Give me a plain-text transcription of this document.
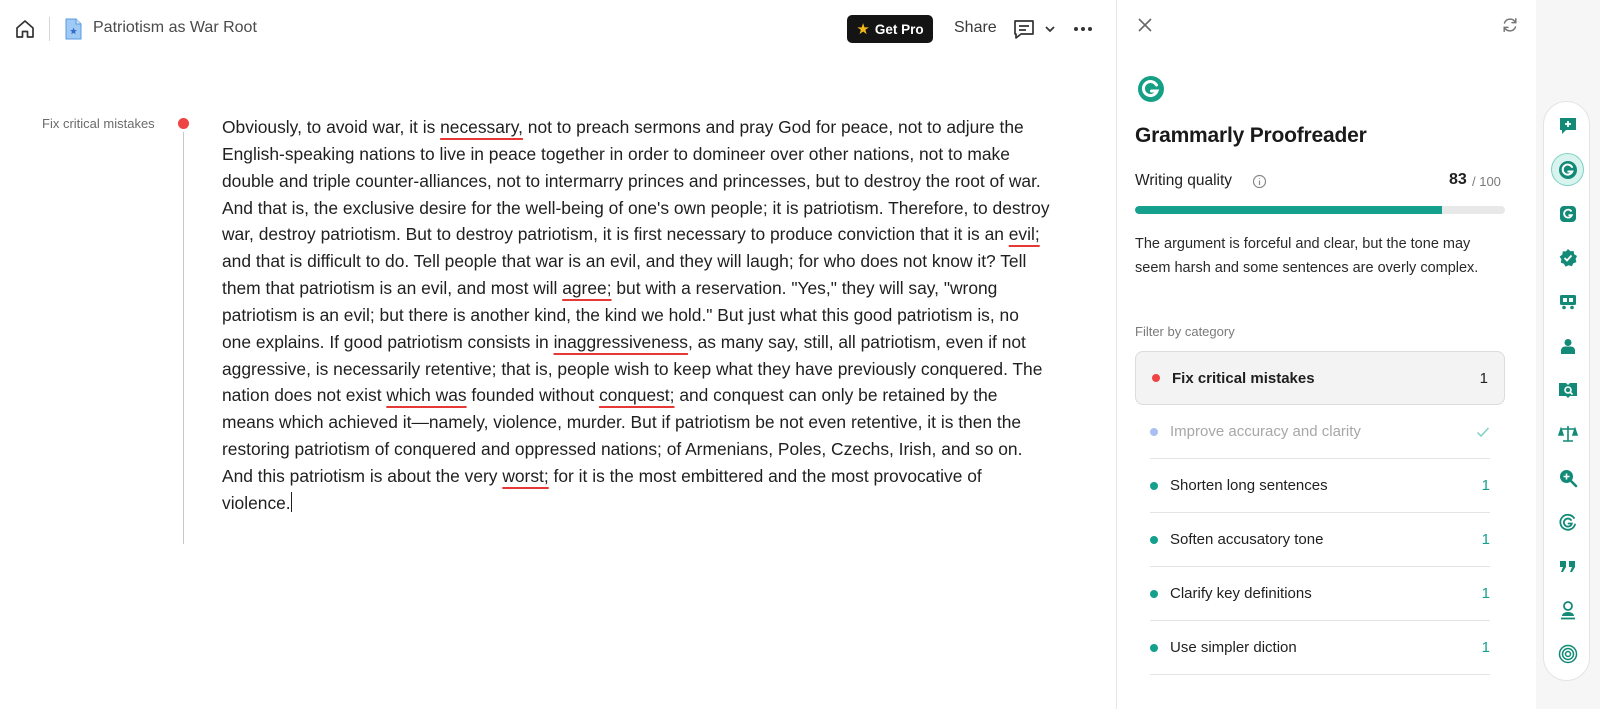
Patriotism as War Root	★ Get Pro Share
Fix critical mistakes	Obviously, to avoid war, it is necessary, not to preach sermons and pray God for peace, not to adjure the English-speaking nations to live in peace together in order to domineer over other nations, not to make double and triple counter-alliances, not to intermarry princes and princesses, but to destroy the root of war. And that is, the exclusive desire for the well-being of one's own people; it is patriotism. Therefore, to destroy war, destroy patriotism. But to destroy patriotism, it is first necessary to produce conviction that it is an evil; and that is difficult to do. Tell people that war is an evil, and they will laugh; for who does not know it? Tell them that patriotism is an evil, and most will agree; but with a reservation. "Yes," they will say, "wrong patriotism is an evil; but there is another kind, the kind we hold." But just what this good patriotism is, no one explains. If good patriotism consists in inaggressiveness, as many say, still, all patriotism, even if not aggressive, is necessarily retentive; that is, people wish to keep what they have previously conquered. The nation does not exist which was founded without conquest; and conquest can only be retained by the means which achieved it—namely, violence, murder. But if patriotism be not even retentive, it is then the restoring patriotism of conquered and oppressed nations; of Armenians, Poles, Czechs, Irish, and so on. And this patriotism is about the very worst; for it is the most embittered and the most provocative of violence.
Grammarly Proofreader
Writing quality	83 / 100
The argument is forceful and clear, but the tone may seem harsh and some sentences are overly complex.
Filter by category
Fix critical mistakes	1
Improve accuracy and clarity
Shorten long sentences	1
Soften accusatory tone	1
Clarify key definitions	1
Use simpler diction	1
